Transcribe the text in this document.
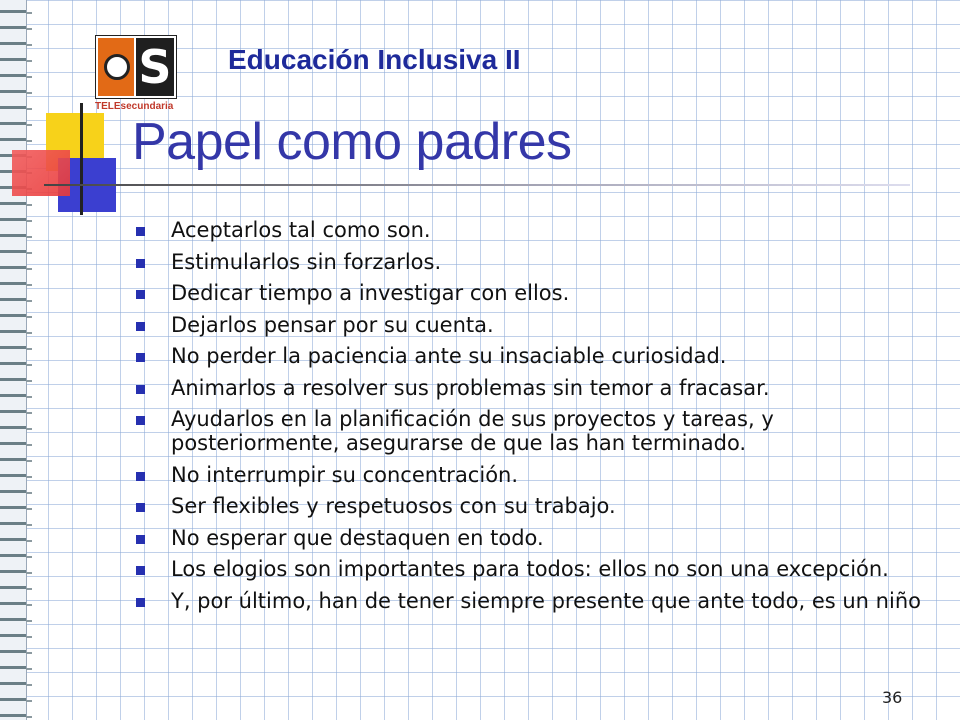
S
TELEsecundaria
Educación Inclusiva II
Papel como padres
Aceptarlos tal como son.
Estimularlos sin forzarlos.
Dedicar tiempo a investigar con ellos.
Dejarlos pensar por su cuenta.
No perder la paciencia ante su insaciable curiosidad.
Animarlos a resolver sus problemas sin temor a fracasar.
Ayudarlos en la planificación de sus proyectos y tareas, y posteriormente, asegurarse de que las han terminado.
No interrumpir su concentración.
Ser flexibles y respetuosos con su trabajo.
No esperar que destaquen en todo.
Los elogios son importantes para todos: ellos no son una excepción.
Y, por último, han de tener siempre presente que ante todo, es un niño
36
